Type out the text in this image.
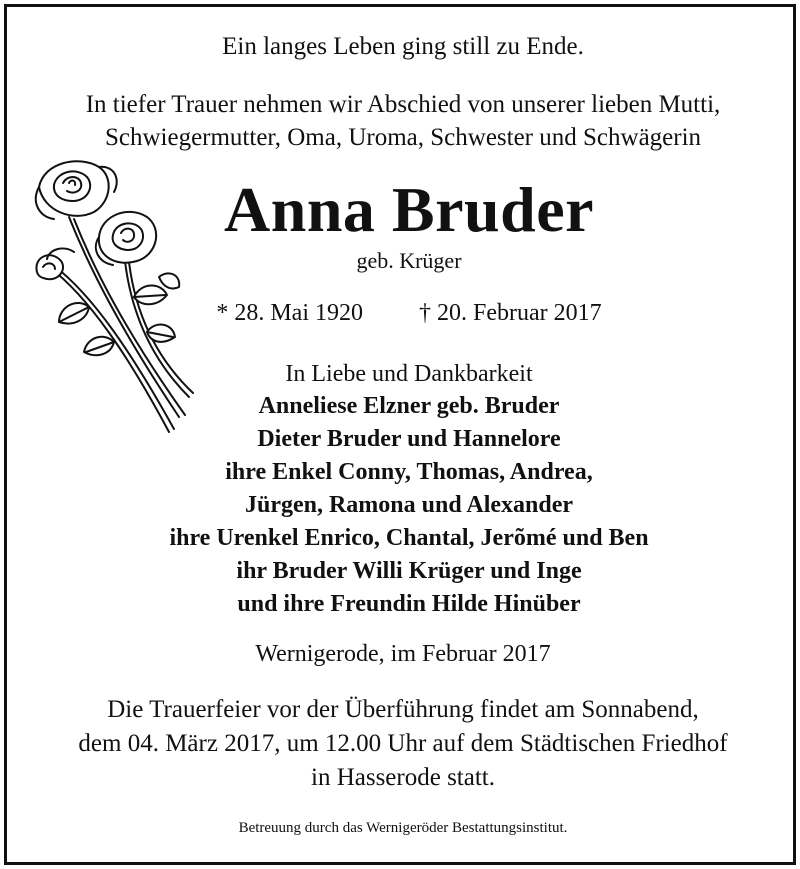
Ein langes Leben ging still zu Ende.
In tiefer Trauer nehmen wir Abschied von unserer lieben Mutti,
Schwiegermutter, Oma, Uroma, Schwester und Schwägerin
Anna Bruder
geb. Krüger
* 28. Mai 1920 † 20. Februar 2017
In Liebe und Dankbarkeit
Anneliese Elzner geb. Bruder
Dieter Bruder und Hannelore
ihre Enkel Conny, Thomas, Andrea,
Jürgen, Ramona und Alexander
ihre Urenkel Enrico, Chantal, Jerõmé und Ben
ihr Bruder Willi Krüger und Inge
und ihre Freundin Hilde Hinüber
Wernigerode, im Februar 2017
Die Trauerfeier vor der Überführung findet am Sonnabend,
dem 04. März 2017, um 12.00 Uhr auf dem Städtischen Friedhof
in Hasserode statt.
Betreuung durch das Wernigeröder Bestattungsinstitut.
